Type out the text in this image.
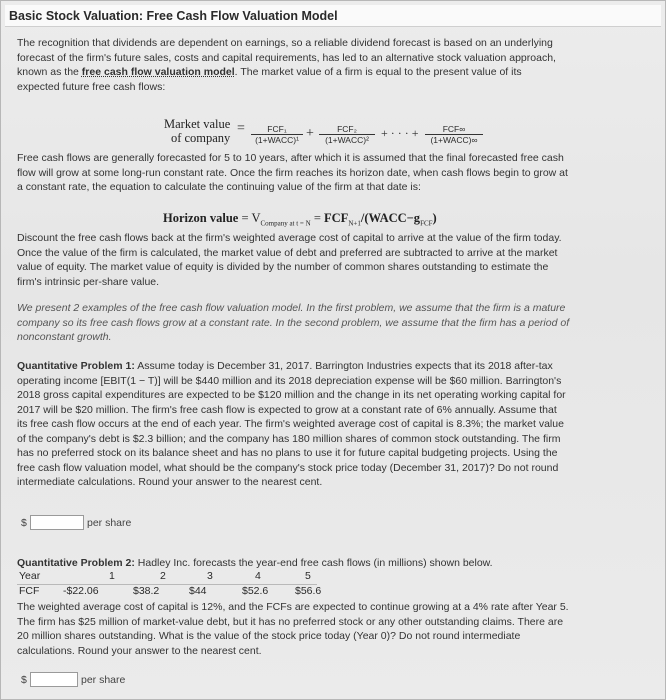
Basic Stock Valuation: Free Cash Flow Valuation Model
The recognition that dividends are dependent on earnings, so a reliable dividend forecast is based on an underlying
forecast of the firm's future sales, costs and capital requirements, has led to an alternative stock valuation approach,
known as the free cash flow valuation model. The market value of a firm is equal to the present value of its
expected future free cash flows:
Market value
of company
=	FCF₁
(1+WACC)¹ +	FCF₂
(1+WACC)²	+ · · · +	FCF∞
(1+WACC)∞
Free cash flows are generally forecasted for 5 to 10 years, after which it is assumed that the final forecasted free cash
flow will grow at some long-run constant rate. Once the firm reaches its horizon date, when cash flows begin to grow at
a constant rate, the equation to calculate the continuing value of the firm at that date is:
Horizon value = $V_{Company at t = N}$ = $FCF_{N+1}/(WACC-g_{FCF})$
Discount the free cash flows back at the firm's weighted average cost of capital to arrive at the value of the firm today.
Once the value of the firm is calculated, the market value of debt and preferred are subtracted to arrive at the market
value of equity. The market value of equity is divided by the number of common shares outstanding to estimate the
firm's intrinsic per-share value.
We present 2 examples of the free cash flow valuation model. In the first problem, we assume that the firm is a mature
company so its free cash flows grow at a constant rate. In the second problem, we assume that the firm has a period of
nonconstant growth.
Quantitative Problem 1: Assume today is December 31, 2017. Barrington Industries expects that its 2018 after-tax
operating income [EBIT(1 − T)] will be $440 million and its 2018 depreciation expense will be $60 million. Barrington's
2018 gross capital expenditures are expected to be $120 million and the change in its net operating working capital for
2017 will be $20 million. The firm's free cash flow is expected to grow at a constant rate of 6% annually. Assume that
its free cash flow occurs at the end of each year. The firm's weighted average cost of capital is 8.3%; the market value
of the company's debt is $2.3 billion; and the company has 180 million shares of common stock outstanding. The firm
has no preferred stock on its balance sheet and has no plans to use it for future capital budgeting projects. Using the
free cash flow valuation model, what should be the company's stock price today (December 31, 2017)? Do not round
intermediate calculations. Round your answer to the nearest cent.
$	per share
Quantitative Problem 2: Hadley Inc. forecasts the year-end free cash flows (in millions) shown below.
Year	1	2	3	4	5
FCF -$22.06	$38.2	$44	$52.6	$56.6
The weighted average cost of capital is 12%, and the FCFs are expected to continue growing at a 4% rate after Year 5.
The firm has $25 million of market-value debt, but it has no preferred stock or any other outstanding claims. There are
20 million shares outstanding. What is the value of the stock price today (Year 0)? Do not round intermediate
calculations. Round your answer to the nearest cent.
$	per share
